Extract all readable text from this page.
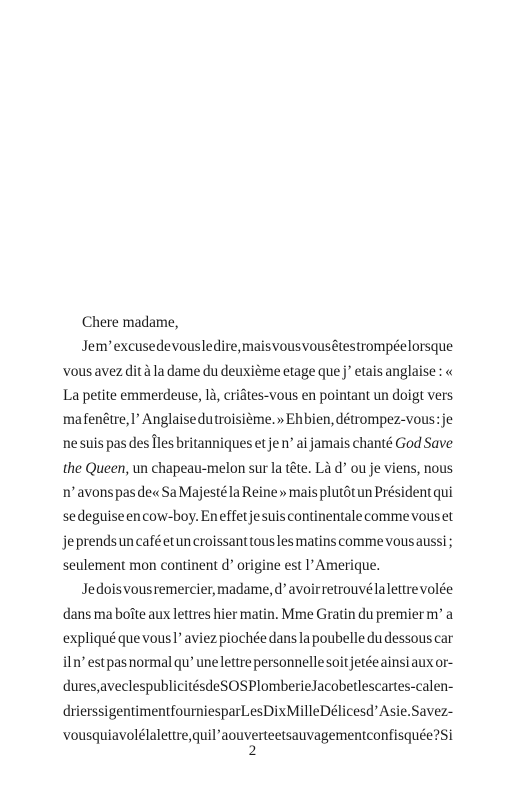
Chere madame,
Je m’ excuse de vous le dire, mais vous vous êtes trompée lorsque
vous avez dit à la dame du deuxième etage que j’ etais anglaise : «
La petite emmerdeuse, là, criâtes-vous en pointant un doigt vers
ma fenêtre, l’ Anglaise du troisième. » Eh bien, détrompez-vous : je
ne suis pas des Îles britanniques et je n’ ai jamais chanté God Save
the Queen, un chapeau-melon sur la tête. Là d’ ou je viens, nous
n’ avons pas de« Sa Majesté la Reine » mais plutôt un Président qui
se deguise en cow-boy. En effet je suis continentale comme vous et
je prends un café et un croissant tous les matins comme vous aussi ;
seulement mon continent d’ origine est l’Amerique.
Je dois vous remercier, madame, d’ avoir retrouvé la lettre volée
dans ma boîte aux lettres hier matin. Mme Gratin du premier m’ a
expliqué que vous l’ aviez piochée dans la poubelle du dessous car
il n’ est pas normal qu’ une lettre personnelle soit jetée ainsi aux or-
dures, avec les publicités de SOS Plomberie Jacob et les cartes-calen-
driers si gentiment fournies par Les Dix Mille Délices d’Asie. Savez-
vous qui a volé la lettre, qui l’ a ouverte et sauvagement confisquée ? Si
2
